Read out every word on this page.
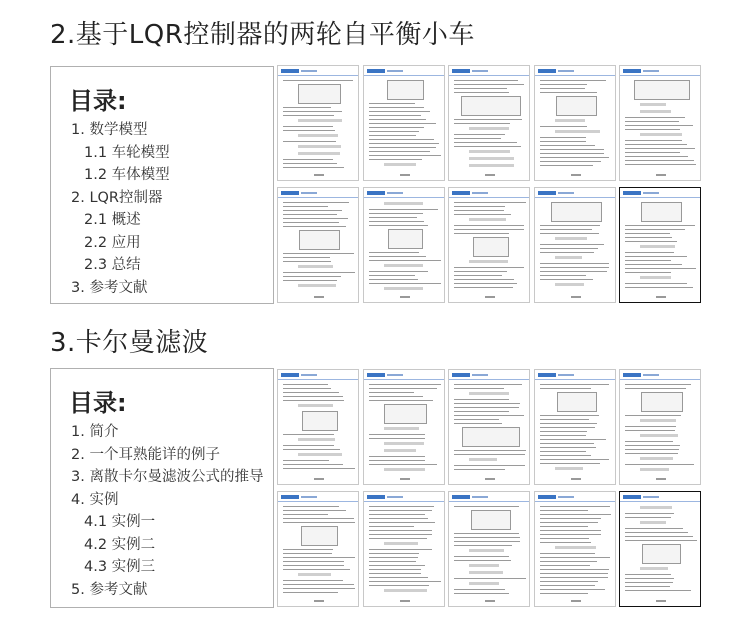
2.基于LQR控制器的两轮自平衡小车
目录:
1. 数学模型
1.1 车轮模型
1.2 车体模型
2. LQR控制器
2.1 概述
2.2 应用
2.3 总结
3. 参考文献
3.卡尔曼滤波
目录:
1. 简介
2. 一个耳熟能详的例子
3. 离散卡尔曼滤波公式的推导
4. 实例
4.1 实例一
4.2 实例二
4.3 实例三
5. 参考文献
